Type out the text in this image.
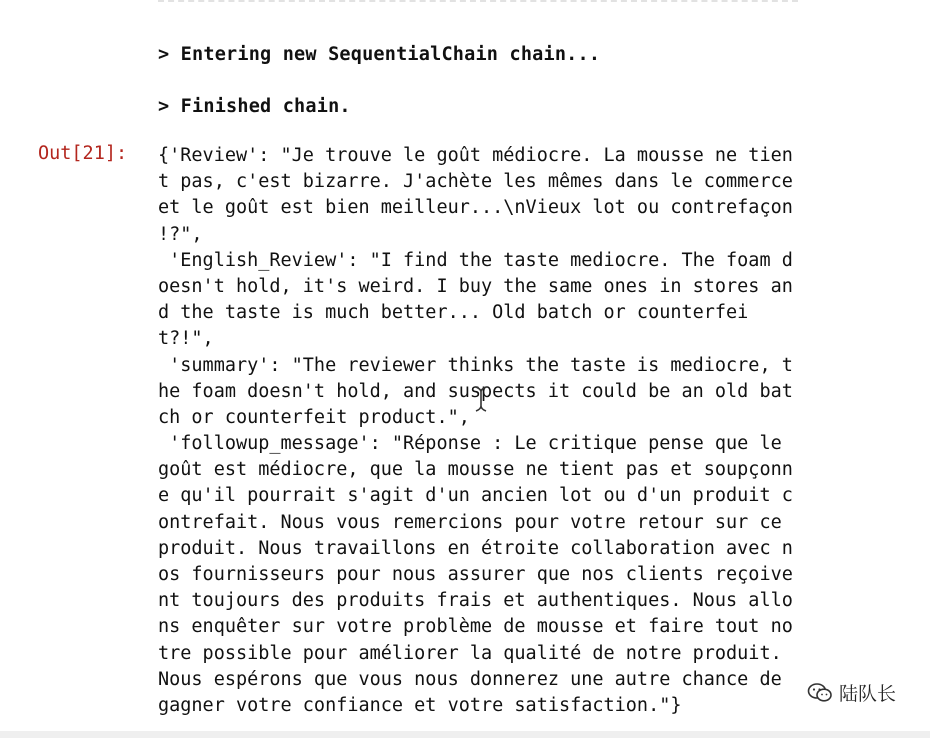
> Entering new SequentialChain chain...
> Finished chain.
Out[21]: {'Review': "Je trouve le goût médiocre. La mousse ne tien
t pas, c'est bizarre. J'achète les mêmes dans le commerce
et le goût est bien meilleur...\nVieux lot ou contrefaçon
!?",
'English_Review': "I find the taste mediocre. The foam d
oesn't hold, it's weird. I buy the same ones in stores an
d the taste is much better... Old batch or counterfei
t?!",
'summary': "The reviewer thinks the taste is mediocre, t
he foam doesn't hold, and suspects it could be an old bat
ch or counterfeit product.",
'followup_message': "Réponse : Le critique pense que le
goût est médiocre, que la mousse ne tient pas et soupçonn
e qu'il pourrait s'agit d'un ancien lot ou d'un produit c
ontrefait. Nous vous remercions pour votre retour sur ce
produit. Nous travaillons en étroite collaboration avec n
os fournisseurs pour nous assurer que nos clients reçoive
nt toujours des produits frais et authentiques. Nous allo
ns enquêter sur votre problème de mousse et faire tout no
tre possible pour améliorer la qualité de notre produit.
Nous espérons que vous nous donnerez une autre chance de
gagner votre confiance et votre satisfaction."}
陆队长
